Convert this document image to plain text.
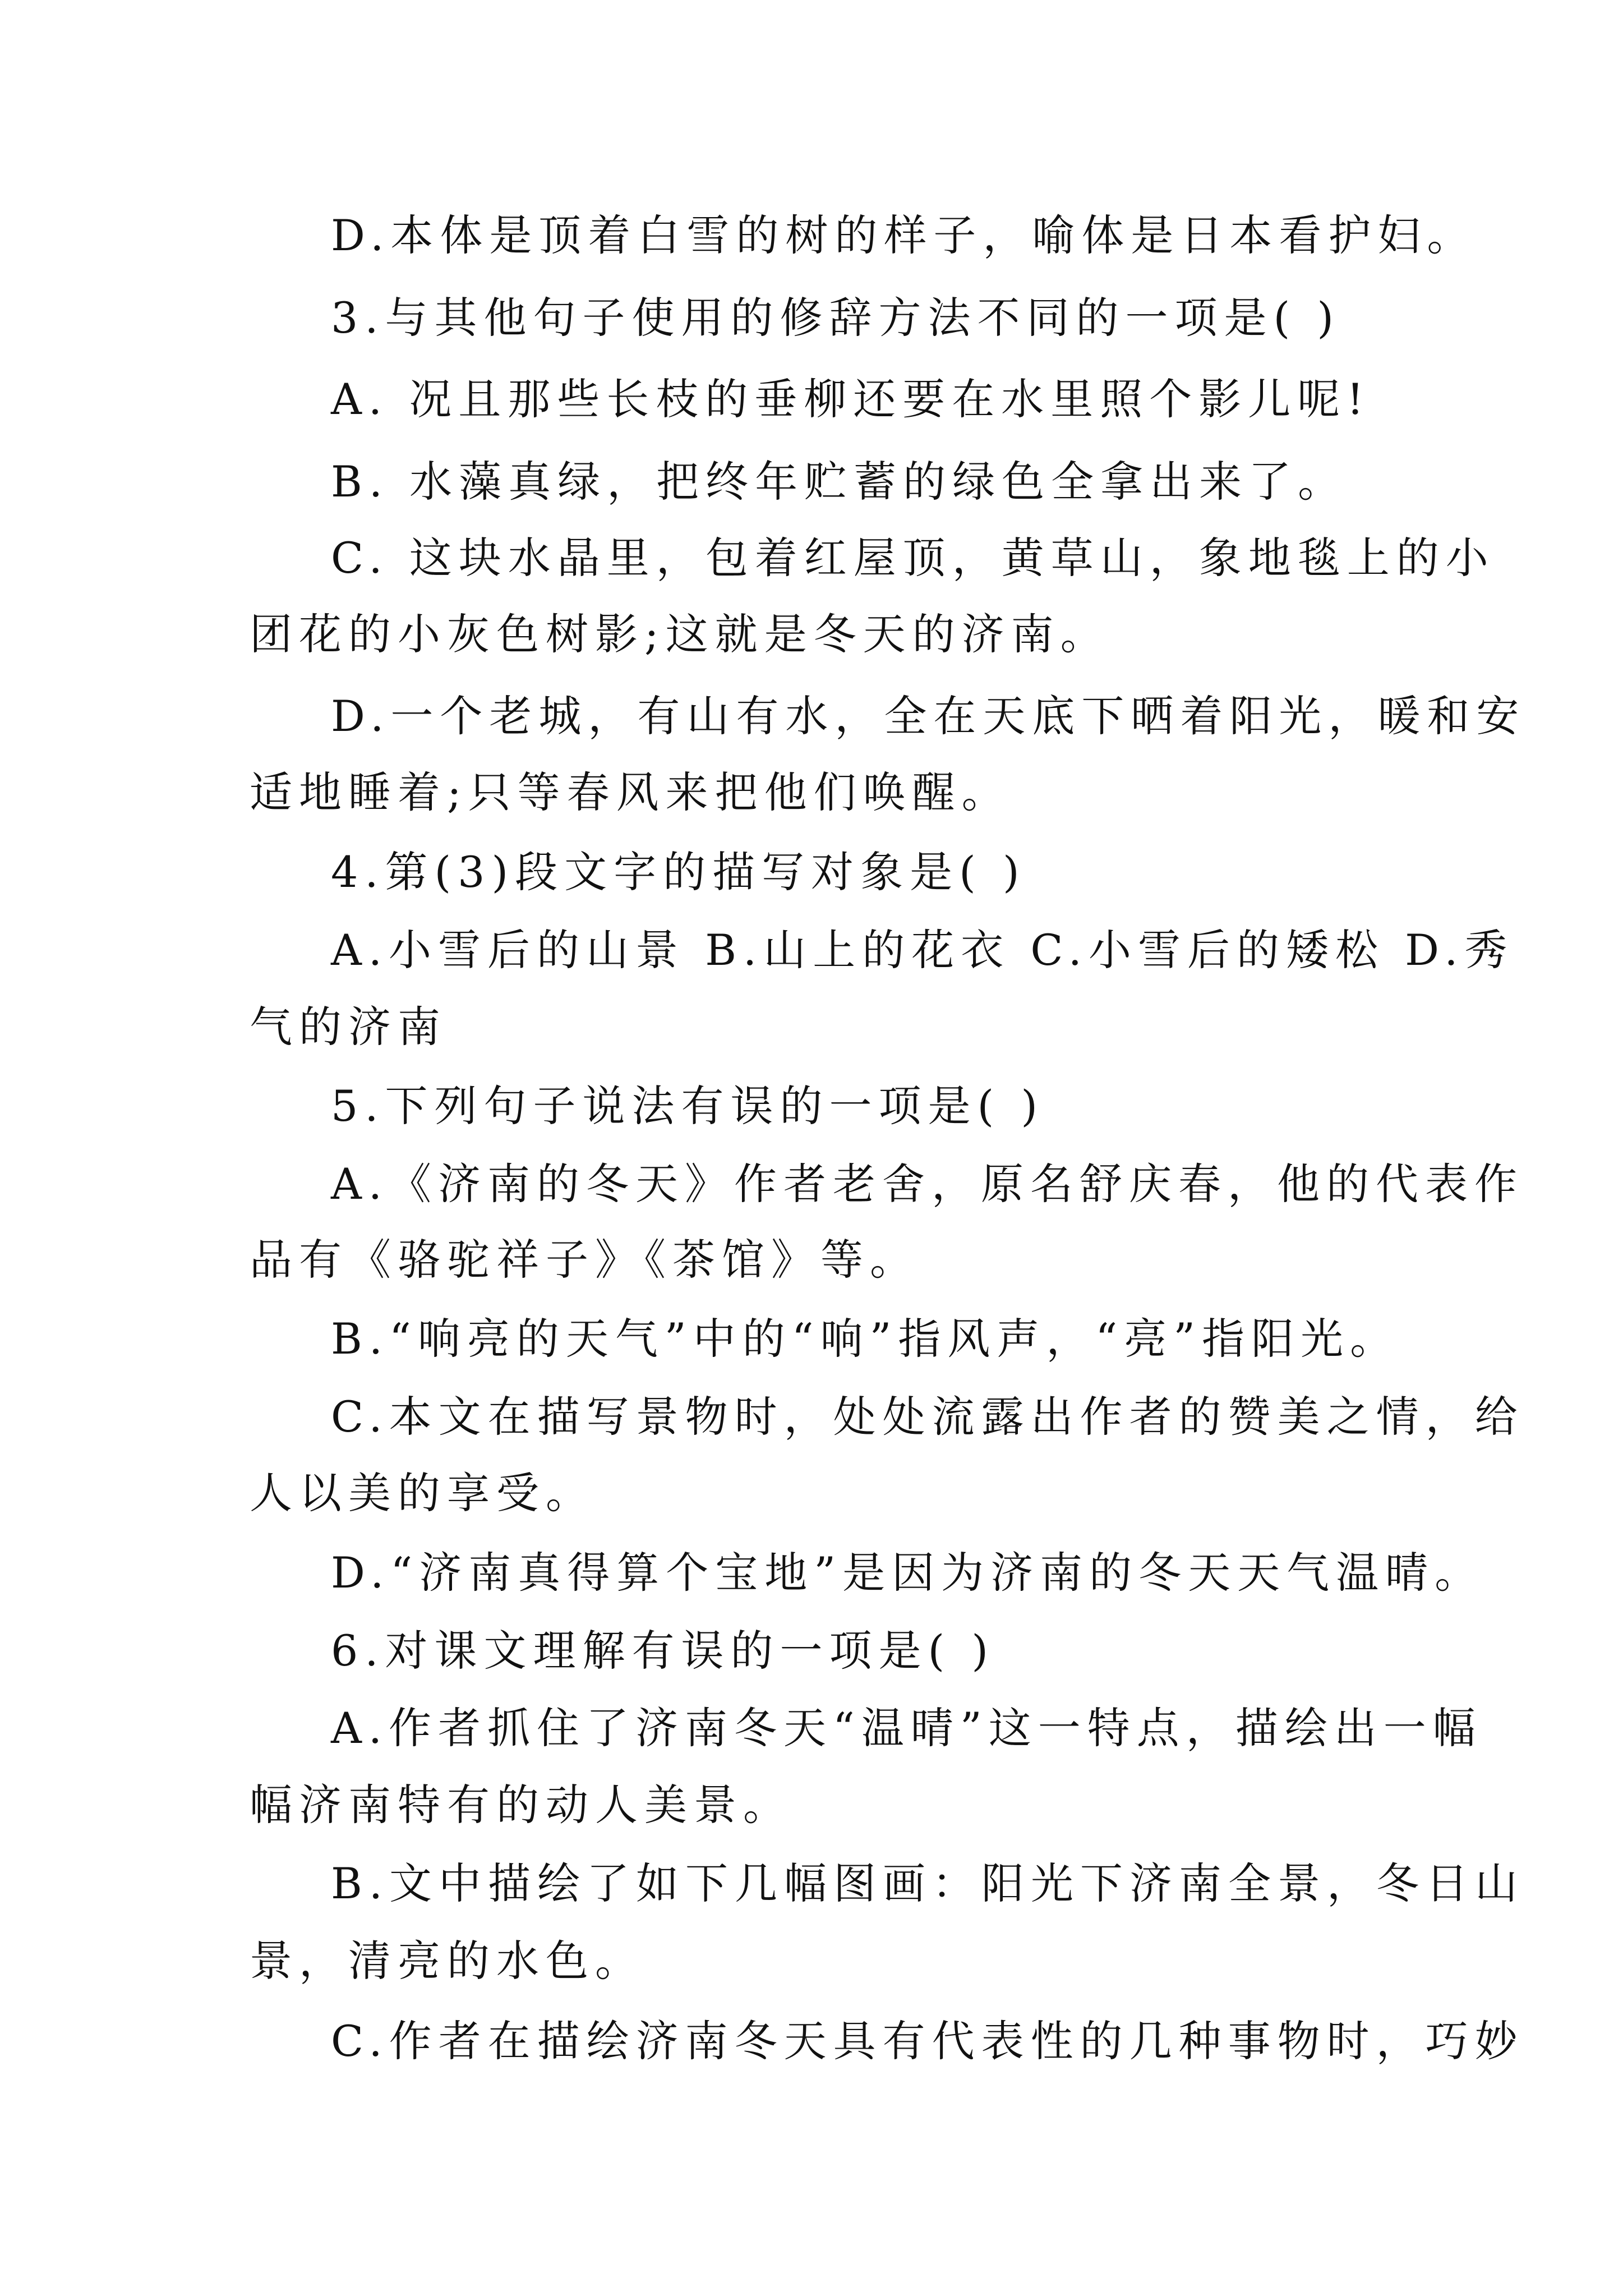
D.本体是顶着白雪的树的样子，喻体是日本看护妇。
3.与其他句子使用的修辞方法不同的一项是( )
A. 况且那些长枝的垂柳还要在水里照个影儿呢!
B. 水藻真绿，把终年贮蓄的绿色全拿出来了。
C. 这块水晶里，包着红屋顶，黄草山，象地毯上的小
团花的小灰色树影;这就是冬天的济南。
D.一个老城，有山有水，全在天底下晒着阳光，暖和安
适地睡着;只等春风来把他们唤醒。
4.第(3)段文字的描写对象是( )
A.小雪后的山景 B.山上的花衣 C.小雪后的矮松 D.秀
气的济南
5.下列句子说法有误的一项是( )
A.《济南的冬天》作者老舍，原名舒庆春，他的代表作
品有《骆驼祥子》《茶馆》等。
B.“响亮的天气”中的“响”指风声，“亮”指阳光。
C.本文在描写景物时，处处流露出作者的赞美之情，给
人以美的享受。
D.“济南真得算个宝地”是因为济南的冬天天气温晴。
6.对课文理解有误的一项是( )
A.作者抓住了济南冬天“温晴”这一特点，描绘出一幅
幅济南特有的动人美景。
B.文中描绘了如下几幅图画：阳光下济南全景，冬日山
景，清亮的水色。
C.作者在描绘济南冬天具有代表性的几种事物时，巧妙
